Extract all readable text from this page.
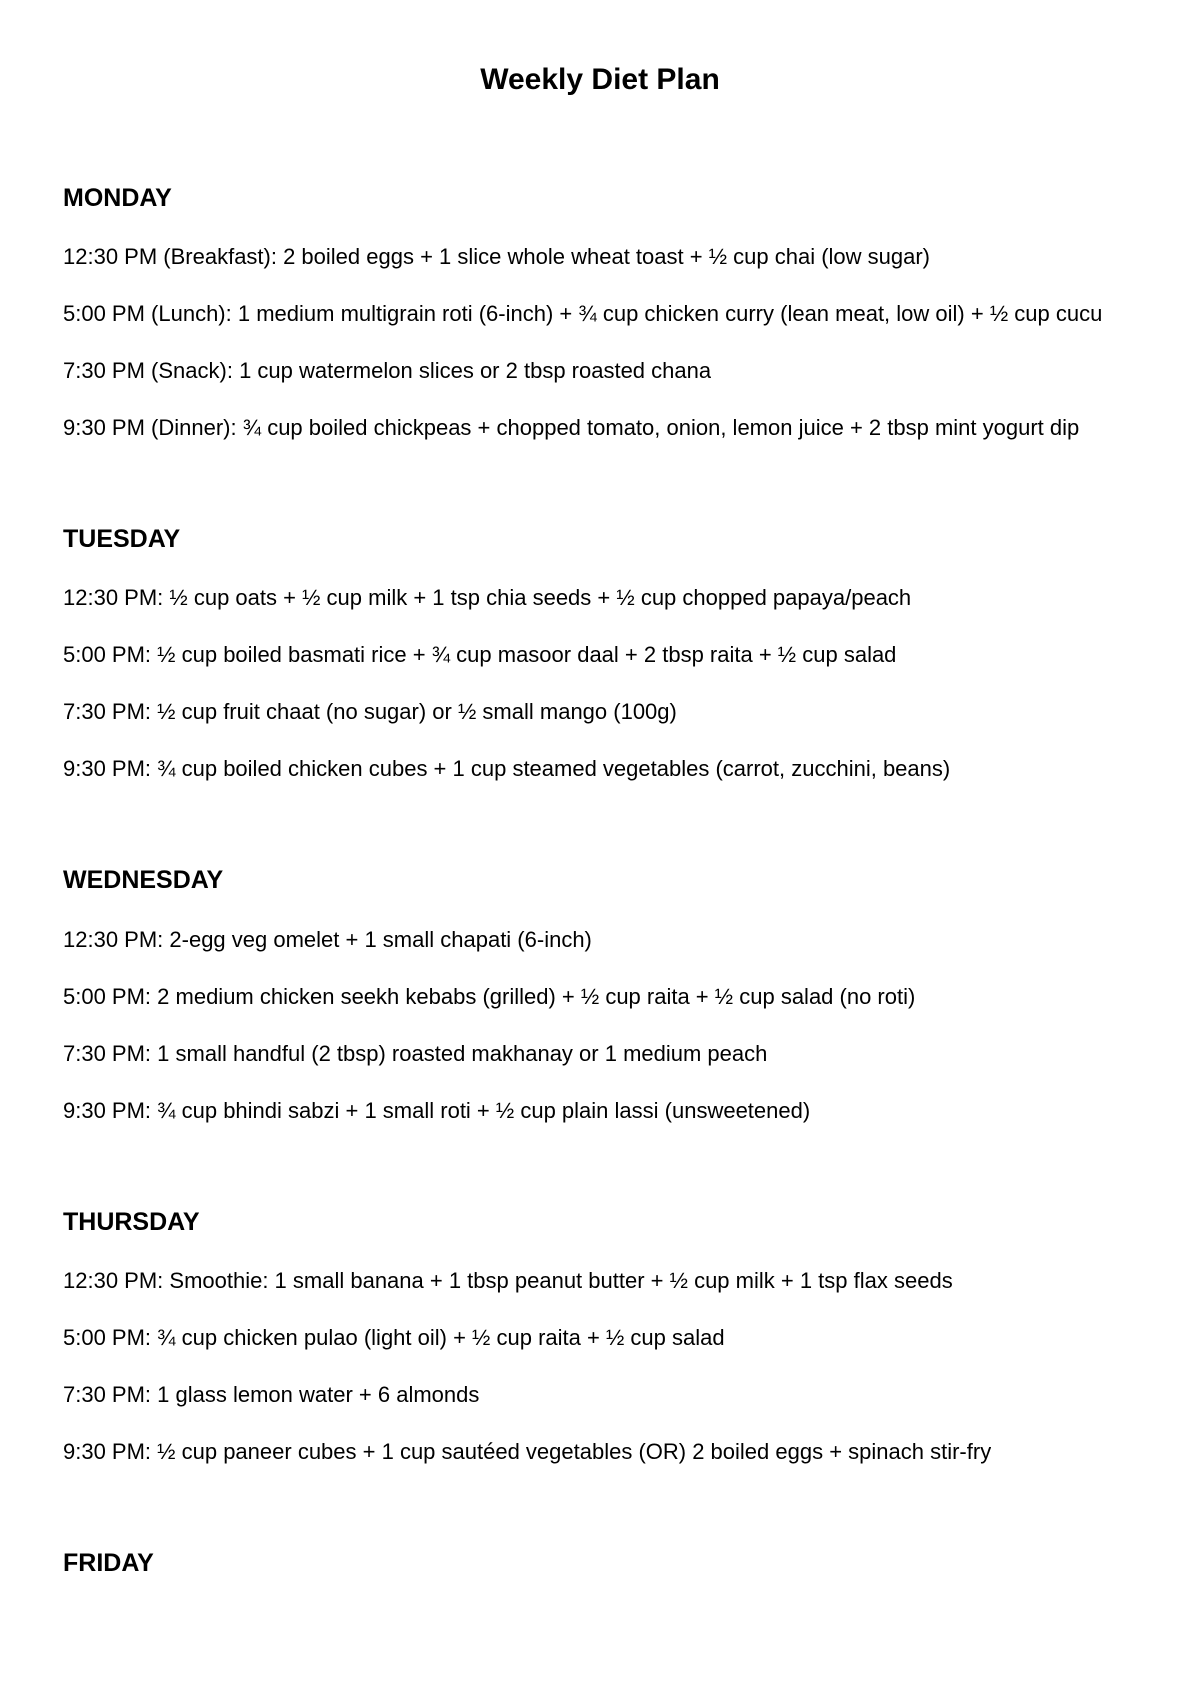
Weekly Diet Plan
MONDAY

12:30 PM (Breakfast): 2 boiled eggs + 1 slice whole wheat toast + ½ cup chai (low sugar)

5:00 PM (Lunch): 1 medium multigrain roti (6-inch) + ¾ cup chicken curry (lean meat, low oil) + ½ cup cucu

7:30 PM (Snack): 1 cup watermelon slices or 2 tbsp roasted chana

9:30 PM (Dinner): ¾ cup boiled chickpeas + chopped tomato, onion, lemon juice + 2 tbsp mint yogurt dip

TUESDAY

12:30 PM: ½ cup oats + ½ cup milk + 1 tsp chia seeds + ½ cup chopped papaya/peach

5:00 PM: ½ cup boiled basmati rice + ¾ cup masoor daal + 2 tbsp raita + ½ cup salad

7:30 PM: ½ cup fruit chaat (no sugar) or ½ small mango (100g)

9:30 PM: ¾ cup boiled chicken cubes + 1 cup steamed vegetables (carrot, zucchini, beans)

WEDNESDAY

12:30 PM: 2-egg veg omelet + 1 small chapati (6-inch)

5:00 PM: 2 medium chicken seekh kebabs (grilled) + ½ cup raita + ½ cup salad (no roti)

7:30 PM: 1 small handful (2 tbsp) roasted makhanay or 1 medium peach

9:30 PM: ¾ cup bhindi sabzi + 1 small roti + ½ cup plain lassi (unsweetened)

THURSDAY

12:30 PM: Smoothie: 1 small banana + 1 tbsp peanut butter + ½ cup milk + 1 tsp flax seeds

5:00 PM: ¾ cup chicken pulao (light oil) + ½ cup raita + ½ cup salad

7:30 PM: 1 glass lemon water + 6 almonds

9:30 PM: ½ cup paneer cubes + 1 cup sautéed vegetables (OR) 2 boiled eggs + spinach stir-fry

FRIDAY
